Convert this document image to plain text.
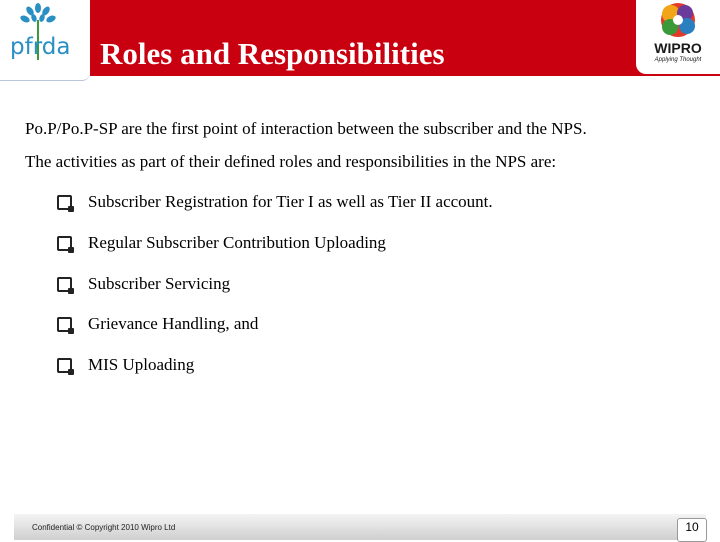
pfrda	WIPRO
Applying Thought
Roles and Responsibilities
Po.P/Po.P-SP are the first point of interaction between the subscriber and the NPS.
The activities as part of their defined roles and responsibilities in the NPS are:
Subscriber Registration for Tier I as well as Tier II account.
Regular Subscriber Contribution Uploading
Subscriber Servicing
Grievance Handling, and
MIS Uploading
Confidential © Copyright 2010 Wipro Ltd	10
